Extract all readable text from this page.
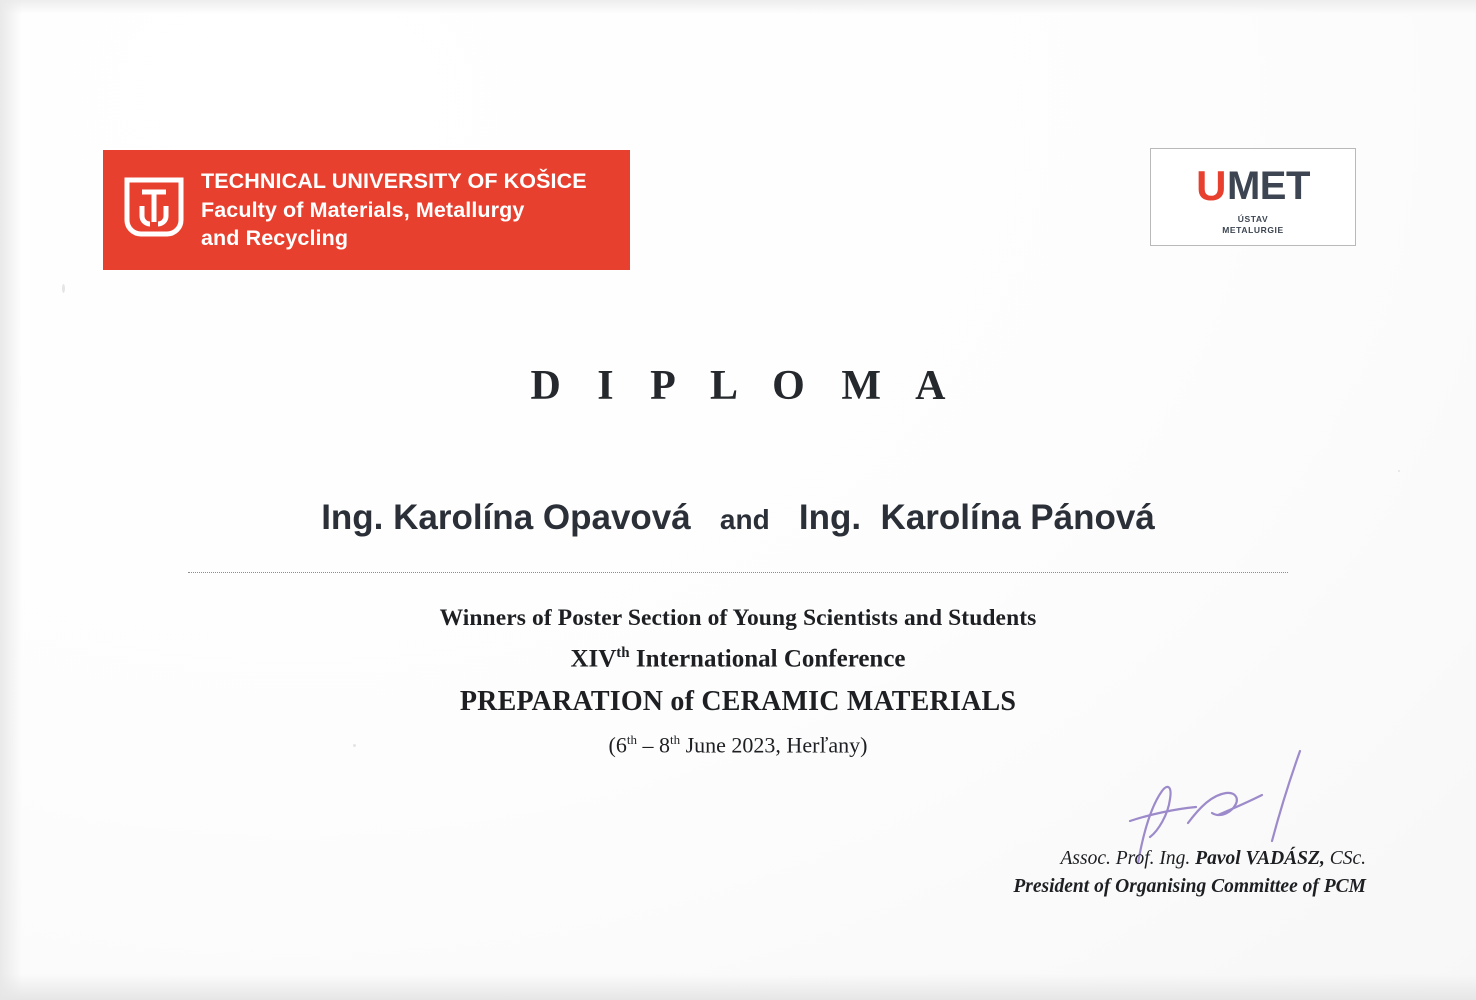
TECHNICAL UNIVERSITY OF KOŠICE
Faculty of Materials, Metallurgy
and Recycling
U MET
ÚSTAV
METALURGIE
D I P L O M A
Ing. Karolína Opavová and Ing.  Karolína Pánová
Winners of Poster Section of Young Scientists and Students
XIVth International Conference
PREPARATION of CERAMIC MATERIALS
(6th – 8th June 2023, Herľany)
Assoc. Prof. Ing. Pavol VADÁSZ, CSc.
President of Organising Committee of PCM
